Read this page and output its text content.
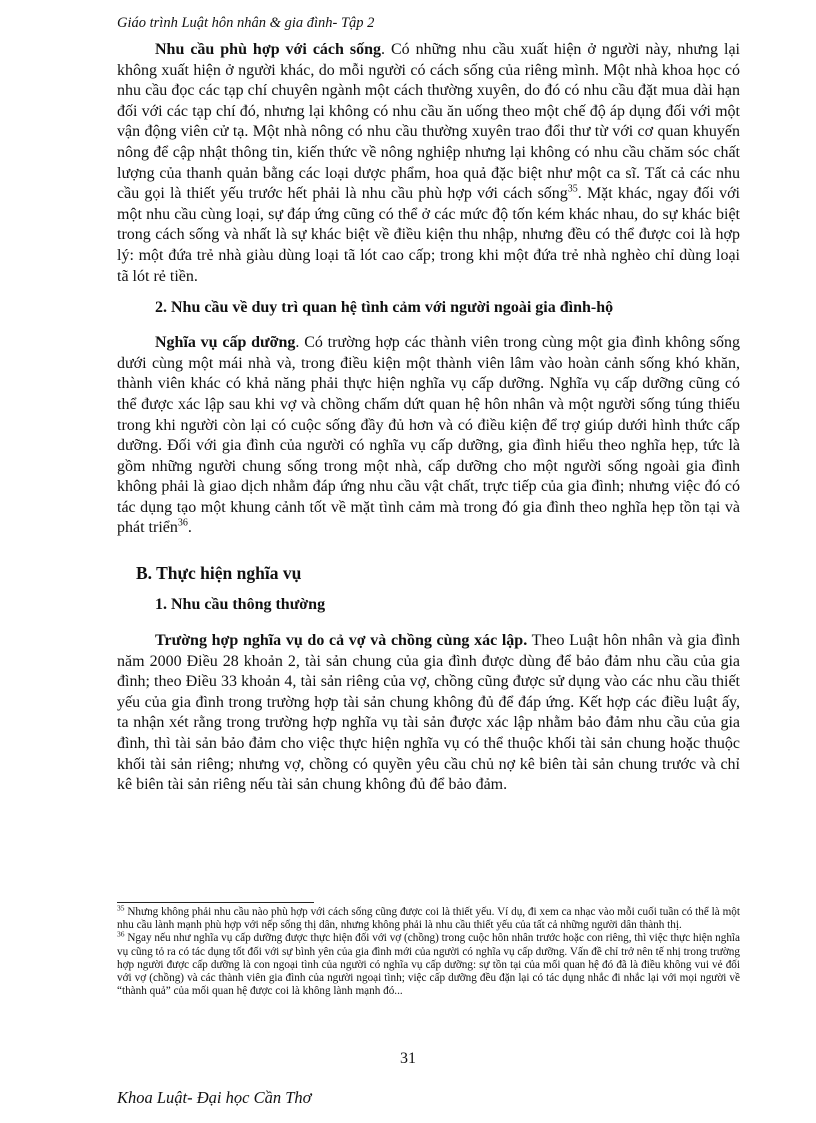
Giáo trình Luật hôn nhân & gia đình- Tập 2

Nhu cầu phù hợp với cách sống. Có những nhu cầu xuất hiện ở người này, nhưng lại không xuất hiện ở người khác, do mỗi người có cách sống của riêng mình. Một nhà khoa học có nhu cầu đọc các tạp chí chuyên ngành một cách thường xuyên, do đó có nhu cầu đặt mua dài hạn đối với các tạp chí đó, nhưng lại không có nhu cầu ăn uống theo một chế độ áp dụng đối với một vận động viên cử tạ. Một nhà nông có nhu cầu thường xuyên trao đổi thư từ với cơ quan khuyến nông để cập nhật thông tin, kiến thức về nông nghiệp nhưng lại không có nhu cầu chăm sóc chất lượng của thanh quản bằng các loại dược phẩm, hoa quả đặc biệt như một ca sĩ. Tất cả các nhu cầu gọi là thiết yếu trước hết phải là nhu cầu phù hợp với cách sống$^{35}$. Mặt khác, ngay đối với một nhu cầu cùng loại, sự đáp ứng cũng có thể ở các mức độ tốn kém khác nhau, do sự khác biệt trong cách sống và nhất là sự khác biệt về điều kiện thu nhập, nhưng đều có thể được coi là hợp lý: một đứa trẻ nhà giàu dùng loại tã lót cao cấp; trong khi một đứa trẻ nhà nghèo chỉ dùng loại tã lót rẻ tiền.

2. Nhu cầu về duy trì quan hệ tình cảm với người ngoài gia đình-hộ

Nghĩa vụ cấp dưỡng. Có trường hợp các thành viên trong cùng một gia đình không sống dưới cùng một mái nhà và, trong điều kiện một thành viên lâm vào hoàn cảnh sống khó khăn, thành viên khác có khả năng phải thực hiện nghĩa vụ cấp dưỡng. Nghĩa vụ cấp dưỡng cũng có thể được xác lập sau khi vợ và chồng chấm dứt quan hệ hôn nhân và một người sống túng thiếu trong khi người còn lại có cuộc sống đầy đủ hơn và có điều kiện để trợ giúp dưới hình thức cấp dưỡng. Đối với gia đình của người có nghĩa vụ cấp dưỡng, gia đình hiểu theo nghĩa hẹp, tức là gồm những người chung sống trong một nhà, cấp dưỡng cho một người sống ngoài gia đình không phải là giao dịch nhằm đáp ứng nhu cầu vật chất, trực tiếp của gia đình; nhưng việc đó có tác dụng tạo một khung cảnh tốt về mặt tình cảm mà trong đó gia đình theo nghĩa hẹp tồn tại và phát triển$^{36}$.

B. Thực hiện nghĩa vụ
1. Nhu cầu thông thường

Trường hợp nghĩa vụ do cả vợ và chồng cùng xác lập. Theo Luật hôn nhân và gia đình năm 2000 Điều 28 khoản 2, tài sản chung của gia đình được dùng để bảo đảm nhu cầu của gia đình; theo Điều 33 khoản 4, tài sản riêng của vợ, chồng cũng được sử dụng vào các nhu cầu thiết yếu của gia đình trong trường hợp tài sản chung không đủ để đáp ứng. Kết hợp các điều luật ấy, ta nhận xét rằng trong trường hợp nghĩa vụ tài sản được xác lập nhằm bảo đảm nhu cầu của gia đình, thì tài sản bảo đảm cho việc thực hiện nghĩa vụ có thể thuộc khối tài sản chung hoặc thuộc khối tài sản riêng; nhưng vợ, chồng có quyền yêu cầu chủ nợ kê biên tài sản chung trước và chỉ kê biên tài sản riêng nếu tài sản chung không đủ để bảo đảm.

$^{35}$ Nhưng không phải nhu cầu nào phù hợp với cách sống cũng được coi là thiết yếu. Ví dụ, đi xem ca nhạc vào mỗi cuối tuần có thể là một nhu cầu lành mạnh phù hợp với nếp sống thị dân, nhưng không phải là nhu cầu thiết yếu của tất cả những người dân thành thị.

$^{36}$ Ngay nếu như nghĩa vụ cấp dưỡng được thực hiện đối với vợ (chồng) trong cuộc hôn nhân trước hoặc con riêng, thì việc thực hiện nghĩa vụ cũng tỏ ra có tác dụng tốt đối với sự bình yên của gia đình mới của người có nghĩa vụ cấp dưỡng. Vấn đề chỉ trở nên tế nhị trong trường hợp người được cấp dưỡng là con ngoại tình của người có nghĩa vụ cấp dưỡng: sự tồn tại của mối quan hệ đó đã là điều không vui vẻ đối với vợ (chồng) và các thành viên gia đình của người ngoại tình; việc cấp dưỡng đều đặn lại có tác dụng nhắc đi nhắc lại với mọi người về “thành quả” của mối quan hệ được coi là không lành mạnh đó...

31
Khoa Luật- Đại học Cần Thơ
